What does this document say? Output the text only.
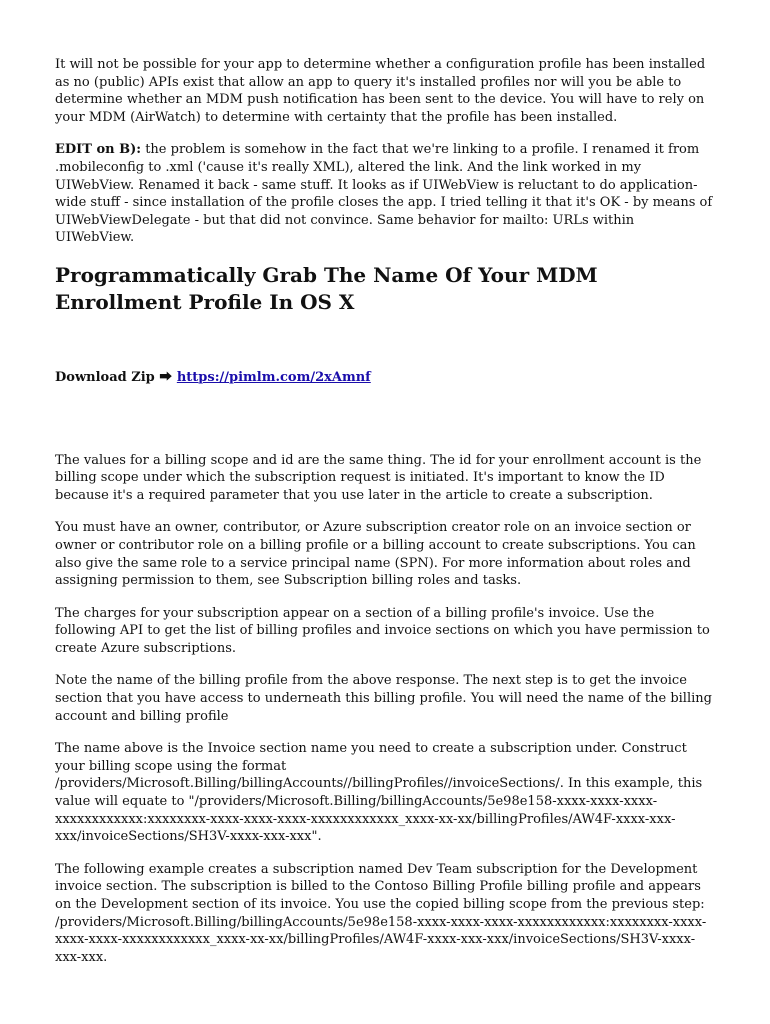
It will not be possible for your app to determine whether a configuration profile has been installed as no (public) APIs exist that allow an app to query it's installed profiles nor will you be able to determine whether an MDM push notification has been sent to the device. You will have to rely on your MDM (AirWatch) to determine with certainty that the profile has been installed.

EDIT on B): the problem is somehow in the fact that we're linking to a profile. I renamed it from .mobileconfig to .xml ('cause it's really XML), altered the link. And the link worked in my UIWebView. Renamed it back - same stuff. It looks as if UIWebView is reluctant to do application-wide stuff - since installation of the profile closes the app. I tried telling it that it's OK - by means of UIWebViewDelegate - but that did not convince. Same behavior for mailto: URLs within UIWebView.

Programmatically Grab The Name Of Your MDM Enrollment Profile In OS X

Download Zip ⮕ https://pimlm.com/2xAmnf

The values for a billing scope and id are the same thing. The id for your enrollment account is the billing scope under which the subscription request is initiated. It's important to know the ID because it's a required parameter that you use later in the article to create a subscription.

You must have an owner, contributor, or Azure subscription creator role on an invoice section or owner or contributor role on a billing profile or a billing account to create subscriptions. You can also give the same role to a service principal name (SPN). For more information about roles and assigning permission to them, see Subscription billing roles and tasks.

The charges for your subscription appear on a section of a billing profile's invoice. Use the following API to get the list of billing profiles and invoice sections on which you have permission to create Azure subscriptions.

Note the name of the billing profile from the above response. The next step is to get the invoice section that you have access to underneath this billing profile. You will need the name of the billing account and billing profile

The name above is the Invoice section name you need to create a subscription under. Construct your billing scope using the format /providers/Microsoft.Billing/billingAccounts//billingProfiles//invoiceSections/. In this example, this value will equate to "/providers/Microsoft.Billing/billingAccounts/5e98e158-xxxx-xxxx-xxxx-xxxxxxxxxxxx:xxxxxxxx-xxxx-xxxx-xxxx-xxxxxxxxxxxx_xxxx-xx-xx/billingProfiles/AW4F-xxxx-xxx-xxx/invoiceSections/SH3V-xxxx-xxx-xxx".

The following example creates a subscription named Dev Team subscription for the Development invoice section. The subscription is billed to the Contoso Billing Profile billing profile and appears on the Development section of its invoice. You use the copied billing scope from the previous step: /providers/Microsoft.Billing/billingAccounts/5e98e158-xxxx-xxxx-xxxx-xxxxxxxxxxxx:xxxxxxxx-xxxx-xxxx-xxxx-xxxxxxxxxxxx_xxxx-xx-xx/billingProfiles/AW4F-xxxx-xxx-xxx/invoiceSections/SH3V-xxxx-xxx-xxx.
